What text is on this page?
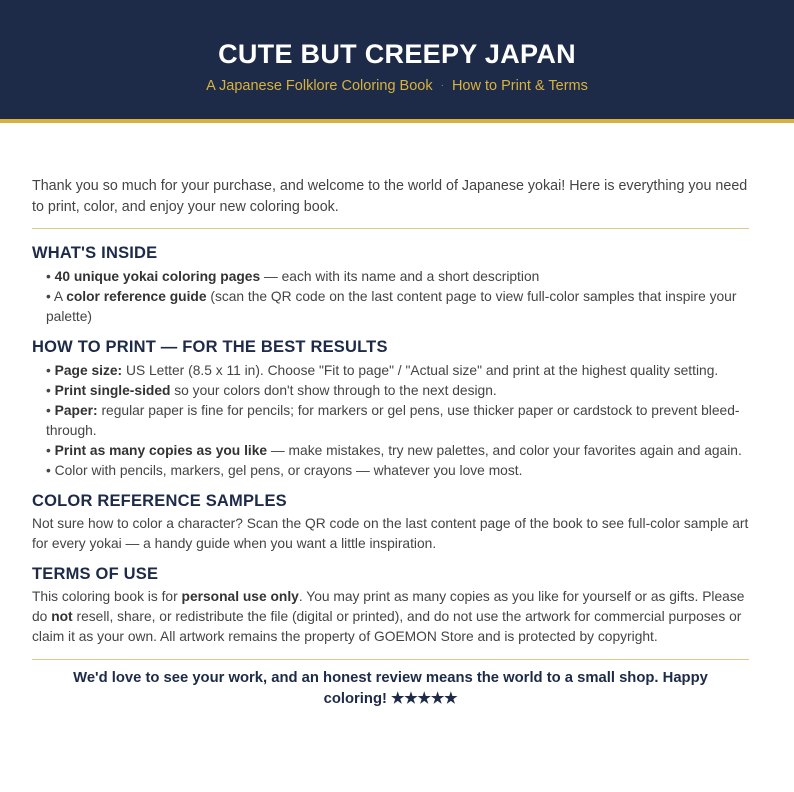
CUTE BUT CREEPY JAPAN
A Japanese Folklore Coloring Book · How to Print & Terms
Thank you so much for your purchase, and welcome to the world of Japanese yokai! Here is everything you need to print, color, and enjoy your new coloring book.
WHAT'S INSIDE
• 40 unique yokai coloring pages — each with its name and a short description
• A color reference guide (scan the QR code on the last content page to view full-color samples that inspire your palette)
HOW TO PRINT — FOR THE BEST RESULTS
• Page size: US Letter (8.5 x 11 in). Choose "Fit to page" / "Actual size" and print at the highest quality setting.
• Print single-sided so your colors don't show through to the next design.
• Paper: regular paper is fine for pencils; for markers or gel pens, use thicker paper or cardstock to prevent bleed-through.
• Print as many copies as you like — make mistakes, try new palettes, and color your favorites again and again.
• Color with pencils, markers, gel pens, or crayons — whatever you love most.
COLOR REFERENCE SAMPLES

Not sure how to color a character? Scan the QR code on the last content page of the book to see full-color sample art for every yokai — a handy guide when you want a little inspiration.

TERMS OF USE

This coloring book is for personal use only. You may print as many copies as you like for yourself or as gifts. Please do not resell, share, or redistribute the file (digital or printed), and do not use the artwork for commercial purposes or claim it as your own. All artwork remains the property of GOEMON Store and is protected by copyright.

We'd love to see your work, and an honest review means the world to a small shop. Happy coloring! ★★★★★
